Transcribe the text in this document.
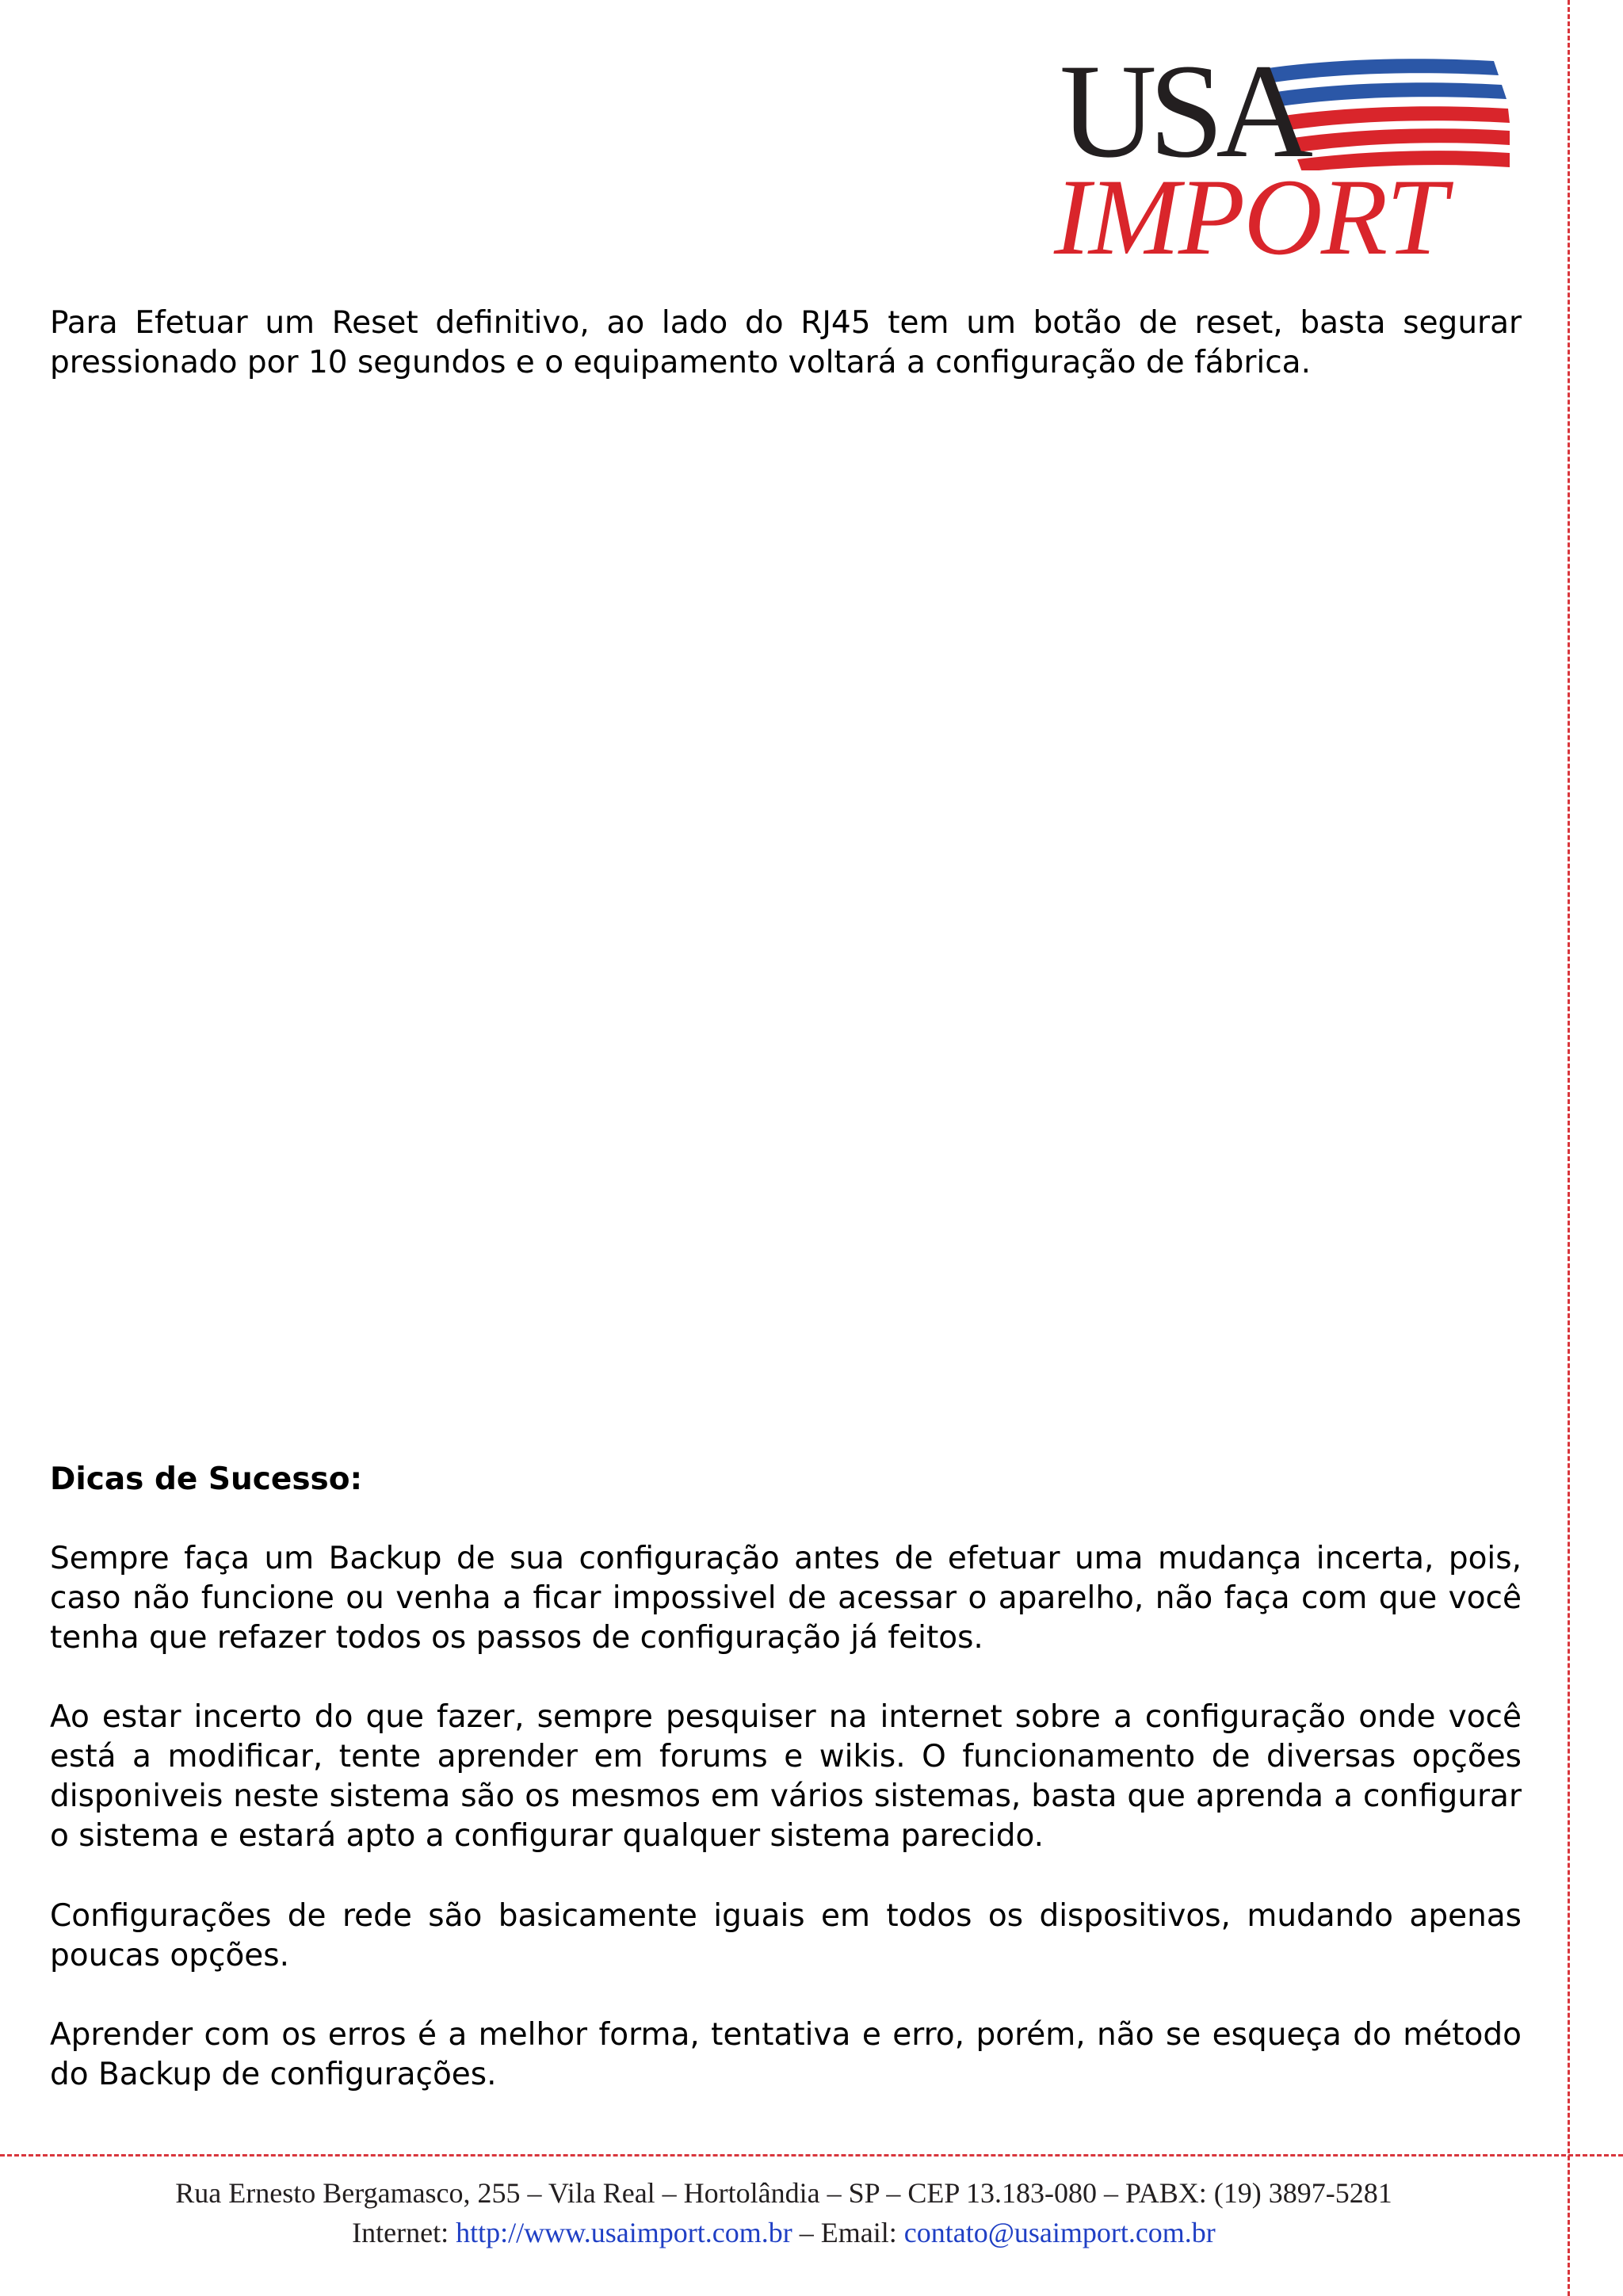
USA
IMPORT

Para Efetuar um Reset definitivo, ao lado do RJ45 tem um botão de reset, basta segurar pressionado por 10 segundos e o equipamento voltará a configuração de fábrica.

Dicas de Sucesso:

Sempre faça um Backup de sua configuração antes de efetuar uma mudança incerta, pois, caso não funcione ou venha a ficar impossivel de acessar o aparelho, não faça com que você tenha que refazer todos os passos de configuração já feitos.

Ao estar incerto do que fazer, sempre pesquiser na internet sobre a configuração onde você está a modificar, tente aprender em forums e wikis. O funcionamento de diversas opções disponiveis neste sistema são os mesmos em vários sistemas, basta que aprenda a configurar o sistema e estará apto a configurar qualquer sistema parecido.

Configurações de rede são basicamente iguais em todos os dispositivos, mudando apenas poucas opções.

Aprender com os erros é a melhor forma, tentativa e erro, porém, não se esqueça do método do Backup de configurações.

Rua Ernesto Bergamasco, 255 – Vila Real – Hortolândia – SP – CEP 13.183-080 – PABX: (19) 3897-5281
Internet: http://www.usaimport.com.br – Email: contato@usaimport.com.br
